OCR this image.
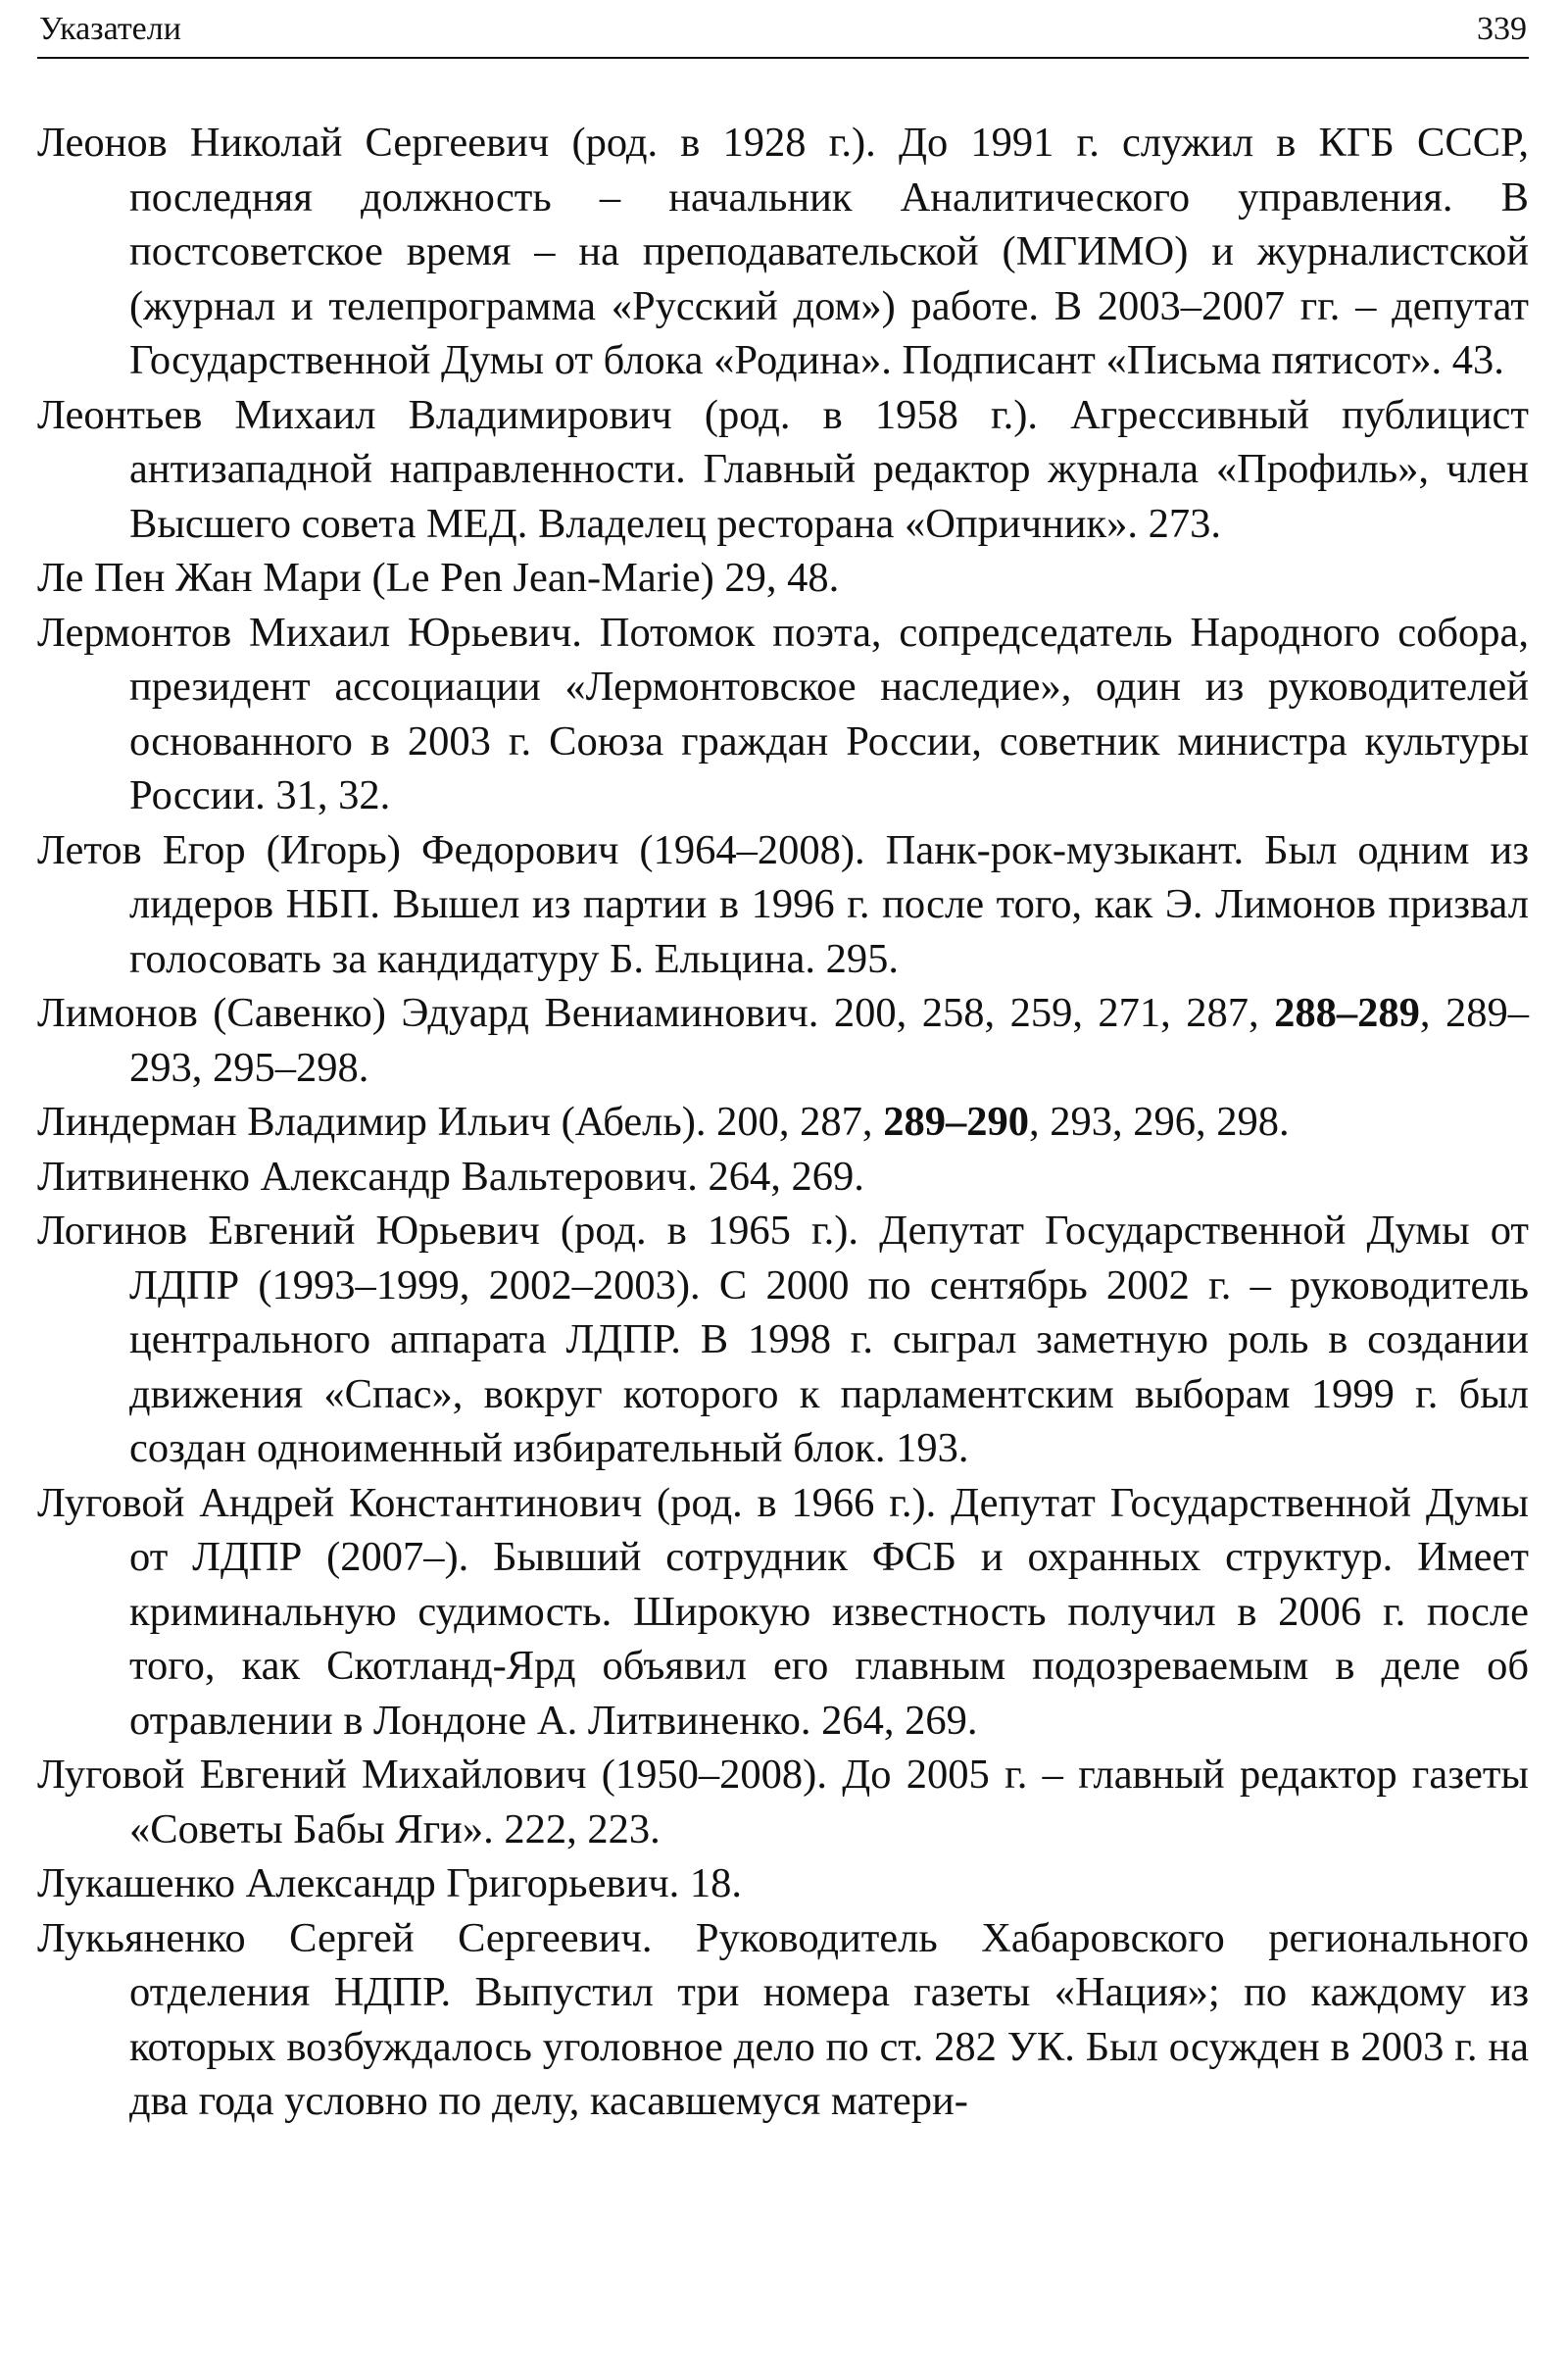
Указатели	339

Леонов Николай Сергеевич (род. в 1928 г.). До 1991 г. служил в КГБ СССР, последняя должность – начальник Аналитического управления. В постсоветское время – на преподавательской (МГИМО) и журналистской (журнал и телепрограмма «Русский дом») работе. В 2003–2007 гг. – депутат Государственной Думы от блока «Родина». Подписант «Письма пятисот». 43.

Леонтьев Михаил Владимирович (род. в 1958 г.). Агрессивный публицист антизападной направленности. Главный редактор журнала «Профиль», член Высшего совета МЕД. Владелец ресторана «Опричник». 273.

Ле Пен Жан Мари (Le Pen Jean-Marie) 29, 48.

Лермонтов Михаил Юрьевич. Потомок поэта, сопредседатель Народного собора, президент ассоциации «Лермонтовское наследие», один из руководителей основанного в 2003 г. Союза граждан России, советник министра культуры России. 31, 32.

Летов Егор (Игорь) Федорович (1964–2008). Панк-рок-музыкант. Был одним из лидеров НБП. Вышел из партии в 1996 г. после того, как Э. Лимонов призвал голосовать за кандидатуру Б. Ельцина. 295.

Лимонов (Савенко) Эдуард Вениаминович. 200, 258, 259, 271, 287, 288–289, 289–293, 295–298.

Линдерман Владимир Ильич (Абель). 200, 287, 289–290, 293, 296, 298.

Литвиненко Александр Вальтерович. 264, 269.

Логинов Евгений Юрьевич (род. в 1965 г.). Депутат Государственной Думы от ЛДПР (1993–1999, 2002–2003). С 2000 по сентябрь 2002 г. – руководитель центрального аппарата ЛДПР. В 1998 г. сыграл заметную роль в создании движения «Спас», вокруг которого к парламентским выборам 1999 г. был создан одноименный избирательный блок. 193.

Луговой Андрей Константинович (род. в 1966 г.). Депутат Государственной Думы от ЛДПР (2007–). Бывший сотрудник ФСБ и охранных структур. Имеет криминальную судимость. Широкую известность получил в 2006 г. после того, как Скотланд-Ярд объявил его главным подозреваемым в деле об отравлении в Лондоне А. Литвиненко. 264, 269.

Луговой Евгений Михайлович (1950–2008). До 2005 г. – главный редактор газеты «Советы Бабы Яги». 222, 223.

Лукашенко Александр Григорьевич. 18.

Лукьяненко Сергей Сергеевич. Руководитель Хабаровского регионального отделения НДПР. Выпустил три номера газеты «Нация»; по каждому из которых возбуждалось уголовное дело по ст. 282 УК. Был осужден в 2003 г. на два года условно по делу, касавшемуся матери-
